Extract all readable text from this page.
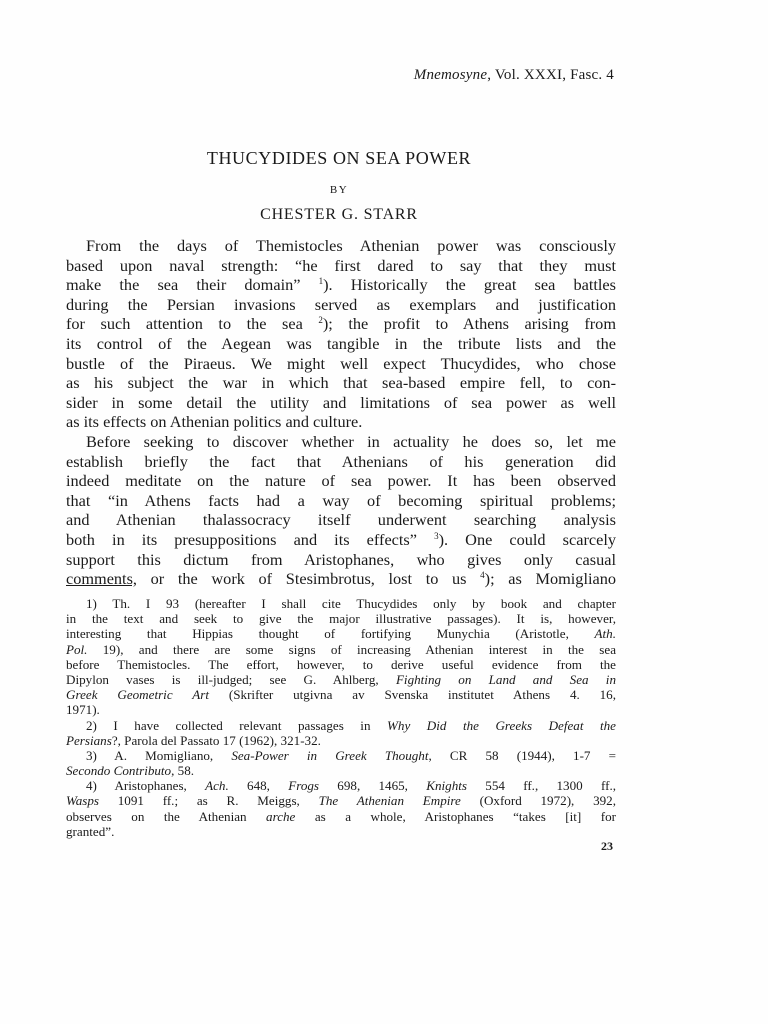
Mnemosyne, Vol. XXXI, Fasc. 4
THUCYDIDES ON SEA POWER
BY
CHESTER G. STARR
From the days of Themistocles Athenian power was consciously
based upon naval strength: “he first dared to say that they must
make the sea their domain” $^1$). Historically the great sea battles
during the Persian invasions served as exemplars and justification
for such attention to the sea $^2$); the profit to Athens arising from
its control of the Aegean was tangible in the tribute lists and the
bustle of the Piraeus. We might well expect Thucydides, who chose
as his subject the war in which that sea-based empire fell, to con-
sider in some detail the utility and limitations of sea power as well
as its effects on Athenian politics and culture.
Before seeking to discover whether in actuality he does so, let me
establish briefly the fact that Athenians of his generation did
indeed meditate on the nature of sea power. It has been observed
that “in Athens facts had a way of becoming spiritual problems;
and Athenian thalassocracy itself underwent searching analysis
both in its presuppositions and its effects” $^3$). One could scarcely
support this dictum from Aristophanes, who gives only casual
comments, or the work of Stesimbrotus, lost to us $^4$); as Momigliano
1) Th. I 93 (hereafter I shall cite Thucydides only by book and chapter
in the text and seek to give the major illustrative passages). It is, however,
interesting that Hippias thought of fortifying Munychia (Aristotle, Ath.
Pol. 19), and there are some signs of increasing Athenian interest in the sea
before Themistocles. The effort, however, to derive useful evidence from the
Dipylon vases is ill-judged; see G. Ahlberg, Fighting on Land and Sea in
Greek Geometric Art (Skrifter utgivna av Svenska institutet Athens 4. 16,
1971).
2) I have collected relevant passages in Why Did the Greeks Defeat the
Persians?, Parola del Passato 17 (1962), 321-32.
3) A. Momigliano, Sea-Power in Greek Thought, CR 58 (1944), 1-7 =
Secondo Contributo, 58.
4) Aristophanes, Ach. 648, Frogs 698, 1465, Knights 554 ff., 1300 ff.,
Wasps 1091 ff.; as R. Meiggs, The Athenian Empire (Oxford 1972), 392,
observes on the Athenian arche as a whole, Aristophanes “takes [it] for
granted”.
23
